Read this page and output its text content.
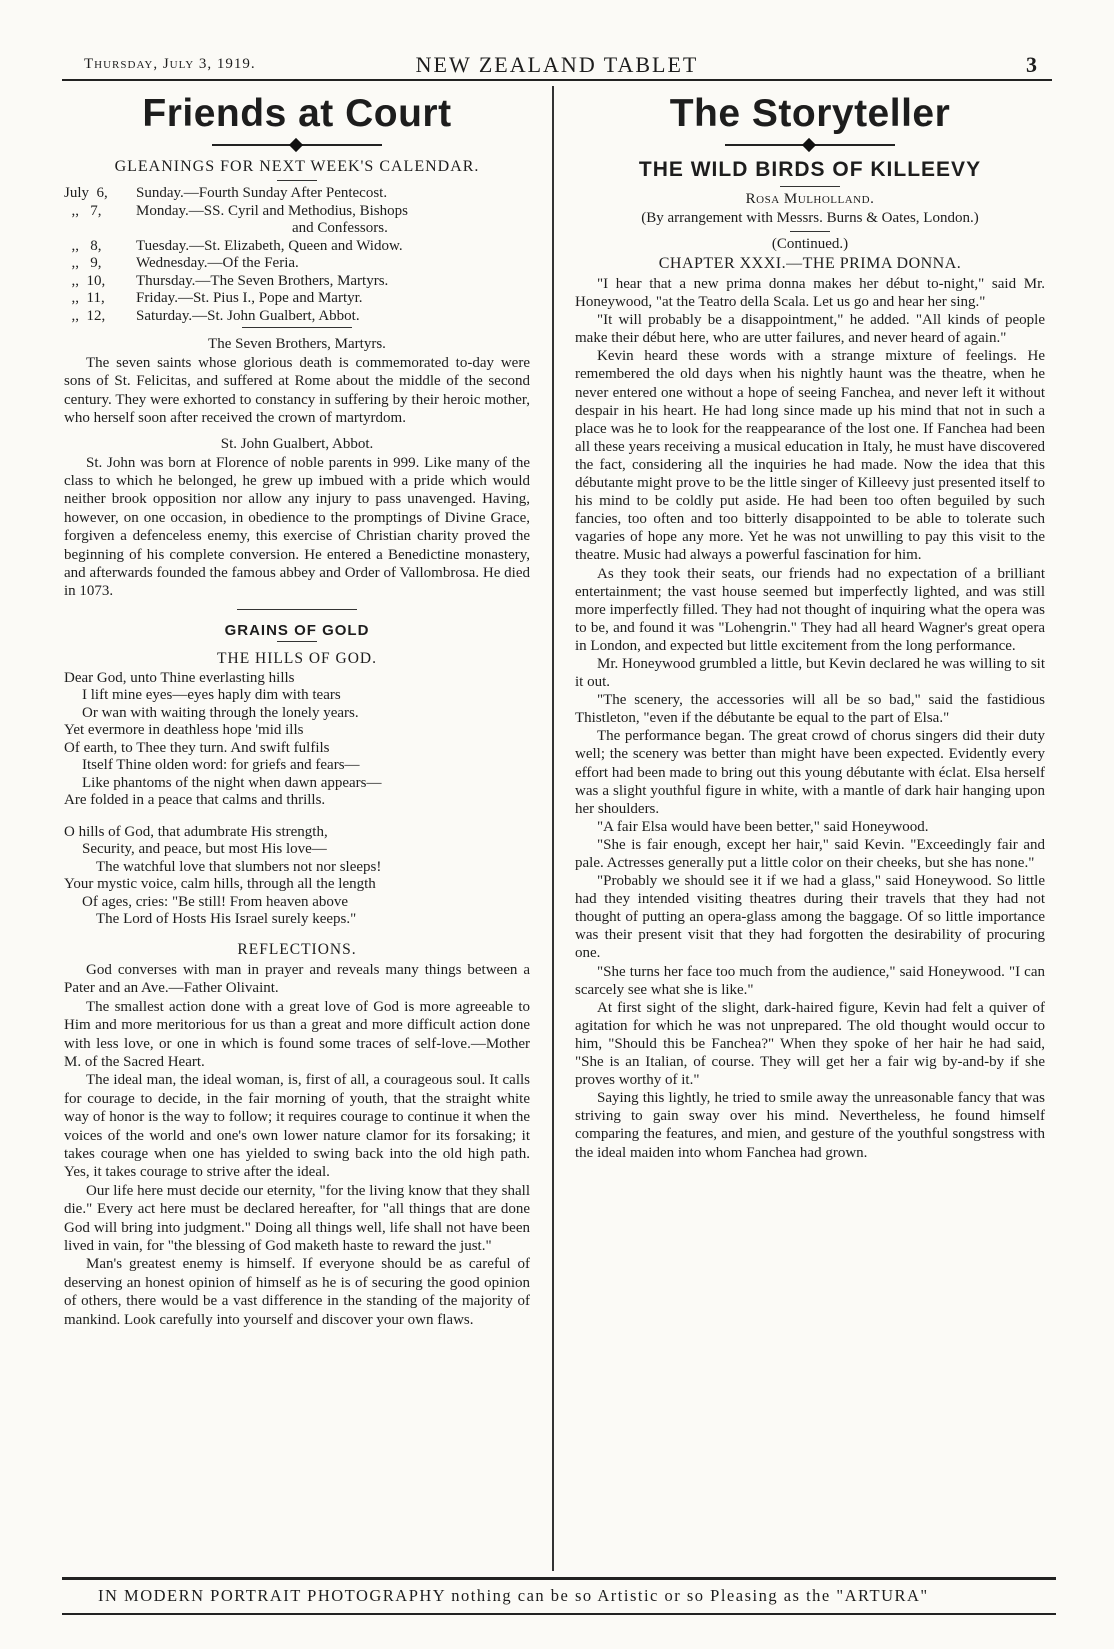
Thursday, July 3, 1919.	NEW ZEALAND TABLET	3
Friends at Court
GLEANINGS FOR NEXT WEEK'S CALENDAR.
July  6, Sunday.—Fourth Sunday After Pentecost.
,,   7, Monday.—SS. Cyril and Methodius, Bishops
and Confessors.
,,   8, Tuesday.—St. Elizabeth, Queen and Widow.
,,   9, Wednesday.—Of the Feria.
,,  10, Thursday.—The Seven Brothers, Martyrs.
,,  11, Friday.—St. Pius I., Pope and Martyr.
,,  12, Saturday.—St. John Gualbert, Abbot.
The Seven Brothers, Martyrs.

The seven saints whose glorious death is commemorated to-day were sons of St. Felicitas, and suffered at Rome about the middle of the second century. They were exhorted to constancy in suffering by their heroic mother, who herself soon after received the crown of martyrdom.

St. John Gualbert, Abbot.

St. John was born at Florence of noble parents in 999. Like many of the class to which he belonged, he grew up imbued with a pride which would neither brook opposition nor allow any injury to pass unavenged. Having, however, on one occasion, in obedience to the promptings of Divine Grace, forgiven a defenceless enemy, this exercise of Christian charity proved the beginning of his complete conversion. He entered a Benedictine monastery, and afterwards founded the famous abbey and Order of Vallombrosa. He died in 1073.

GRAINS OF GOLD
THE HILLS OF GOD.
Dear God, unto Thine everlasting hills
I lift mine eyes—eyes haply dim with tears
Or wan with waiting through the lonely years.
Yet evermore in deathless hope 'mid ills
Of earth, to Thee they turn. And swift fulfils
Itself Thine olden word: for griefs and fears—
Like phantoms of the night when dawn appears—
Are folded in a peace that calms and thrills.
O hills of God, that adumbrate His strength,
Security, and peace, but most His love—
The watchful love that slumbers not nor sleeps!
Your mystic voice, calm hills, through all the length
Of ages, cries: "Be still! From heaven above
The Lord of Hosts His Israel surely keeps."
REFLECTIONS.

God converses with man in prayer and reveals many things between a Pater and an Ave.—Father Olivaint.

The smallest action done with a great love of God is more agreeable to Him and more meritorious for us than a great and more difficult action done with less love, or one in which is found some traces of self-love.—Mother M. of the Sacred Heart.

The ideal man, the ideal woman, is, first of all, a courageous soul. It calls for courage to decide, in the fair morning of youth, that the straight white way of honor is the way to follow; it requires courage to continue it when the voices of the world and one's own lower nature clamor for its forsaking; it takes courage when one has yielded to swing back into the old high path. Yes, it takes courage to strive after the ideal.

Our life here must decide our eternity, "for the living know that they shall die." Every act here must be declared hereafter, for "all things that are done God will bring into judgment." Doing all things well, life shall not have been lived in vain, for "the blessing of God maketh haste to reward the just."

Man's greatest enemy is himself. If everyone should be as careful of deserving an honest opinion of himself as he is of securing the good opinion of others, there would be a vast difference in the standing of the majority of mankind. Look carefully into yourself and discover your own flaws.

The Storyteller
THE WILD BIRDS OF KILLEEVY
Rosa Mulholland.
(By arrangement with Messrs. Burns & Oates, London.)
(Continued.)
CHAPTER XXXI.—THE PRIMA DONNA.

"I hear that a new prima donna makes her début to-night," said Mr. Honeywood, "at the Teatro della Scala. Let us go and hear her sing."

"It will probably be a disappointment," he added. "All kinds of people make their début here, who are utter failures, and never heard of again."

Kevin heard these words with a strange mixture of feelings. He remembered the old days when his nightly haunt was the theatre, when he never entered one without a hope of seeing Fanchea, and never left it without despair in his heart. He had long since made up his mind that not in such a place was he to look for the reappearance of the lost one. If Fanchea had been all these years receiving a musical education in Italy, he must have discovered the fact, considering all the inquiries he had made. Now the idea that this débutante might prove to be the little singer of Killeevy just presented itself to his mind to be coldly put aside. He had been too often beguiled by such fancies, too often and too bitterly disappointed to be able to tolerate such vagaries of hope any more. Yet he was not unwilling to pay this visit to the theatre. Music had always a powerful fascination for him.

As they took their seats, our friends had no expectation of a brilliant entertainment; the vast house seemed but imperfectly lighted, and was still more imperfectly filled. They had not thought of inquiring what the opera was to be, and found it was "Lohengrin." They had all heard Wagner's great opera in London, and expected but little excitement from the long performance.

Mr. Honeywood grumbled a little, but Kevin declared he was willing to sit it out.

"The scenery, the accessories will all be so bad," said the fastidious Thistleton, "even if the débutante be equal to the part of Elsa."

The performance began. The great crowd of chorus singers did their duty well; the scenery was better than might have been expected. Evidently every effort had been made to bring out this young débutante with éclat. Elsa herself was a slight youthful figure in white, with a mantle of dark hair hanging upon her shoulders.

"A fair Elsa would have been better," said Honeywood.

"She is fair enough, except her hair," said Kevin. "Exceedingly fair and pale. Actresses generally put a little color on their cheeks, but she has none."

"Probably we should see it if we had a glass," said Honeywood. So little had they intended visiting theatres during their travels that they had not thought of putting an opera-glass among the baggage. Of so little importance was their present visit that they had forgotten the desirability of procuring one.

"She turns her face too much from the audience," said Honeywood. "I can scarcely see what she is like."

At first sight of the slight, dark-haired figure, Kevin had felt a quiver of agitation for which he was not unprepared. The old thought would occur to him, "Should this be Fanchea?" When they spoke of her hair he had said, "She is an Italian, of course. They will get her a fair wig by-and-by if she proves worthy of it."

Saying this lightly, he tried to smile away the unreasonable fancy that was striving to gain sway over his mind. Nevertheless, he found himself comparing the features, and mien, and gesture of the youthful songstress with the ideal maiden into whom Fanchea had grown.

IN MODERN PORTRAIT PHOTOGRAPHY nothing can be so Artistic or so Pleasing as the "ARTURA"
